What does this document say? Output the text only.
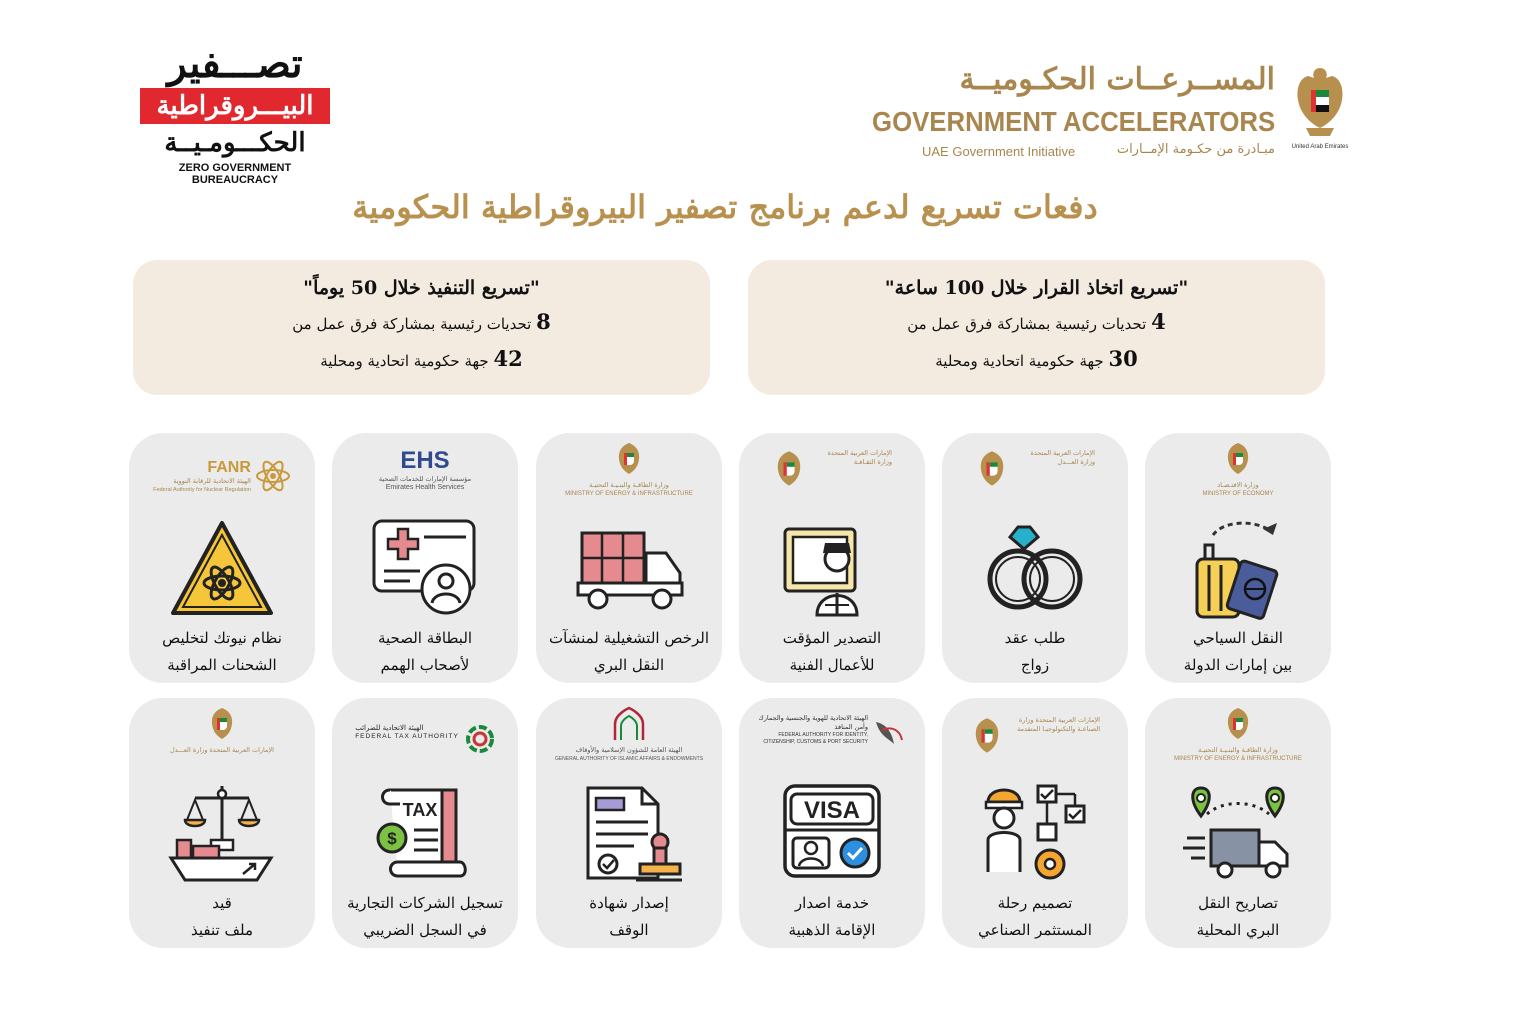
تصـــفير
البيـــروقراطية
الحكـــومـيــة
ZERO GOVERNMENT BUREAUCRACY
المســرعــات الحكـوميــة
GOVERNMENT ACCELERATORS
UAE Government Initiative	مبـادرة من حكـومة الإمــارات	United Arab Emirates
دفعات تسريع لدعم برنامج تصفير البيروقراطية الحكومية
"تسريع اتخاذ القرار خلال 100 ساعة"
4 تحديات رئيسية بمشاركة فرق عمل من
30 جهة حكومية اتحادية ومحلية
"تسريع التنفيذ خلال 50 يوماً"
8 تحديات رئيسية بمشاركة فرق عمل من
42 جهة حكومية اتحادية ومحلية
وزارة الاقتـصـاد
MINISTRY OF ECONOMY
النقل السياحي
بين إمارات الدولة
الإمارات العربية المتحدة وزارة العـــدل
طلب عقد
زواج
الإمارات العربية المتحدة وزارة الثقـافـة
التصدير المؤقت
للأعمال الفنية
وزارة الطاقـة والبنـيـة التحتيـة
MINISTRY OF ENERGY & INFRASTRUCTURE
الرخص التشغيلية لمنشآت
النقل البري
EHS
مؤسسة الإمارات للخدمات الصحية
Emirates Health Services
البطاقة الصحية
لأصحاب الهمم
FANR
الهيئة الاتحادية للرقابة النووية
Federal Authority for Nuclear Regulation
نظام نيوتك لتخليص
الشحنات المراقبة
وزارة الطاقـة والبنـيـة التحتيـة
MINISTRY OF ENERGY & INFRASTRUCTURE
تصاريح النقل
البري المحلية
الإمارات العربية المتحدة وزارة الصناعـة والتكنولوجيـا المتقدمة
تصميم رحلة
المستثمر الصناعي
الهيئة الاتحادية للهوية والجنسية والجمارك وأمن المنافذ
FEDERAL AUTHORITY FOR IDENTITY, CITIZENSHIP, CUSTOMS & PORT SECURITY
VISA
خدمة اصدار
الإقامة الذهبية
الهيئة العامة للشؤون الإسلامية والأوقاف
GENERAL AUTHORITY OF ISLAMIC AFFAIRS & ENDOWMENTS
إصدار شهادة
الوقف
الهيئة الاتحادية للضرائب
FEDERAL TAX AUTHORITY
TAX
$
تسجيل الشركات التجارية
في السجل الضريبي
الإمارات العربية المتحدة وزارة العـــدل
قيد
ملف تنفيذ
